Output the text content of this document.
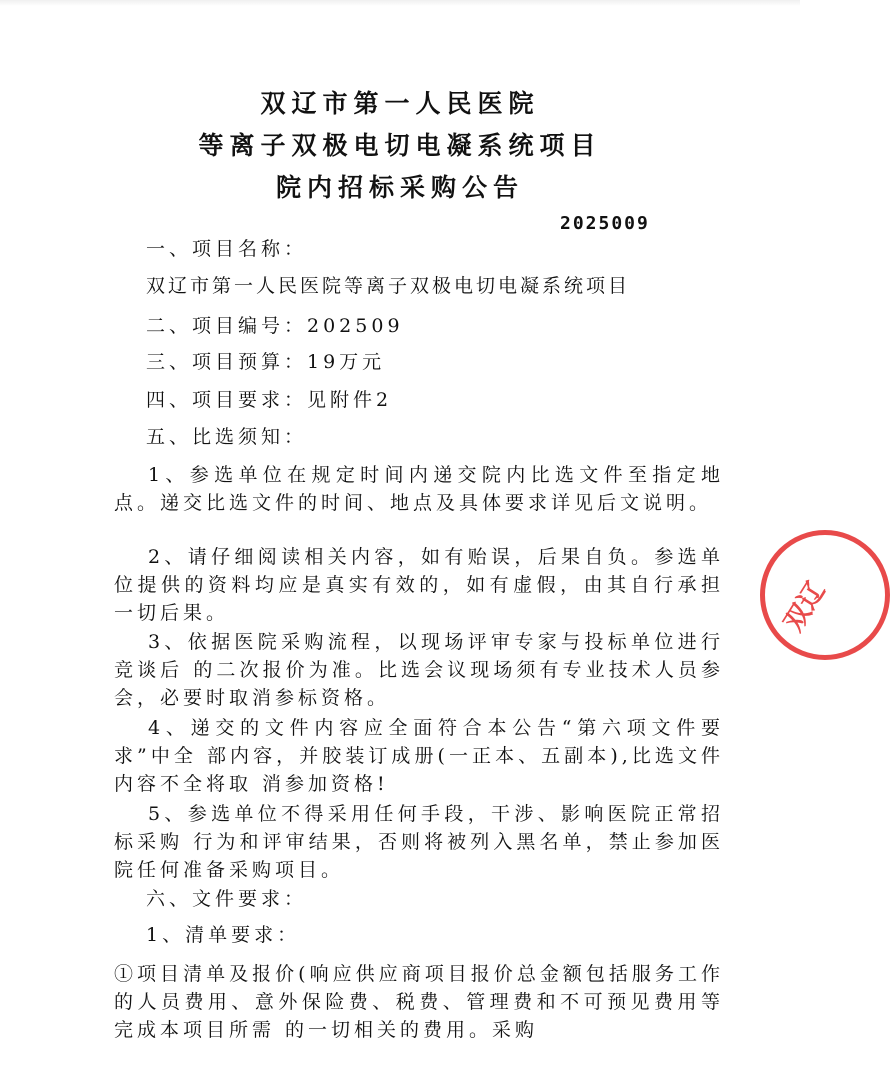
双辽市第一人民医院
等离子双极电切电凝系统项目
院内招标采购公告
2025009
一、项目名称：
双辽市第一人民医院等离子双极电切电凝系统项目
二、项目编号：202509
三、项目预算：19万元
四、项目要求：见附件2
五、比选须知：
1、参选单位在规定时间内递交院内比选文件至指定地点。递交比选文件的时间、地点及具体要求详见后文说明。
2、请仔细阅读相关内容，如有贻误，后果自负。参选单位提供的资料均应是真实有效的，如有虚假，由其自行承担一切后果。
3、依据医院采购流程，以现场评审专家与投标单位进行竞谈后 的二次报价为准。比选会议现场须有专业技术人员参会，必要时取消参标资格。
4、递交的文件内容应全面符合本公告“第六项文件要求”中全 部内容，并胶装订成册(一正本、五副本),比选文件内容不全将取 消参加资格!
5、参选单位不得采用任何手段，干涉、影响医院正常招标采购 行为和评审结果，否则将被列入黑名单，禁止参加医院任何准备采购项目。
六、文件要求：
1、清单要求：
①项目清单及报价(响应供应商项目报价总金额包括服务工作的人员费用、意外保险费、税费、管理费和不可预见费用等完成本项目所需 的一切相关的费用。采购
双辽
